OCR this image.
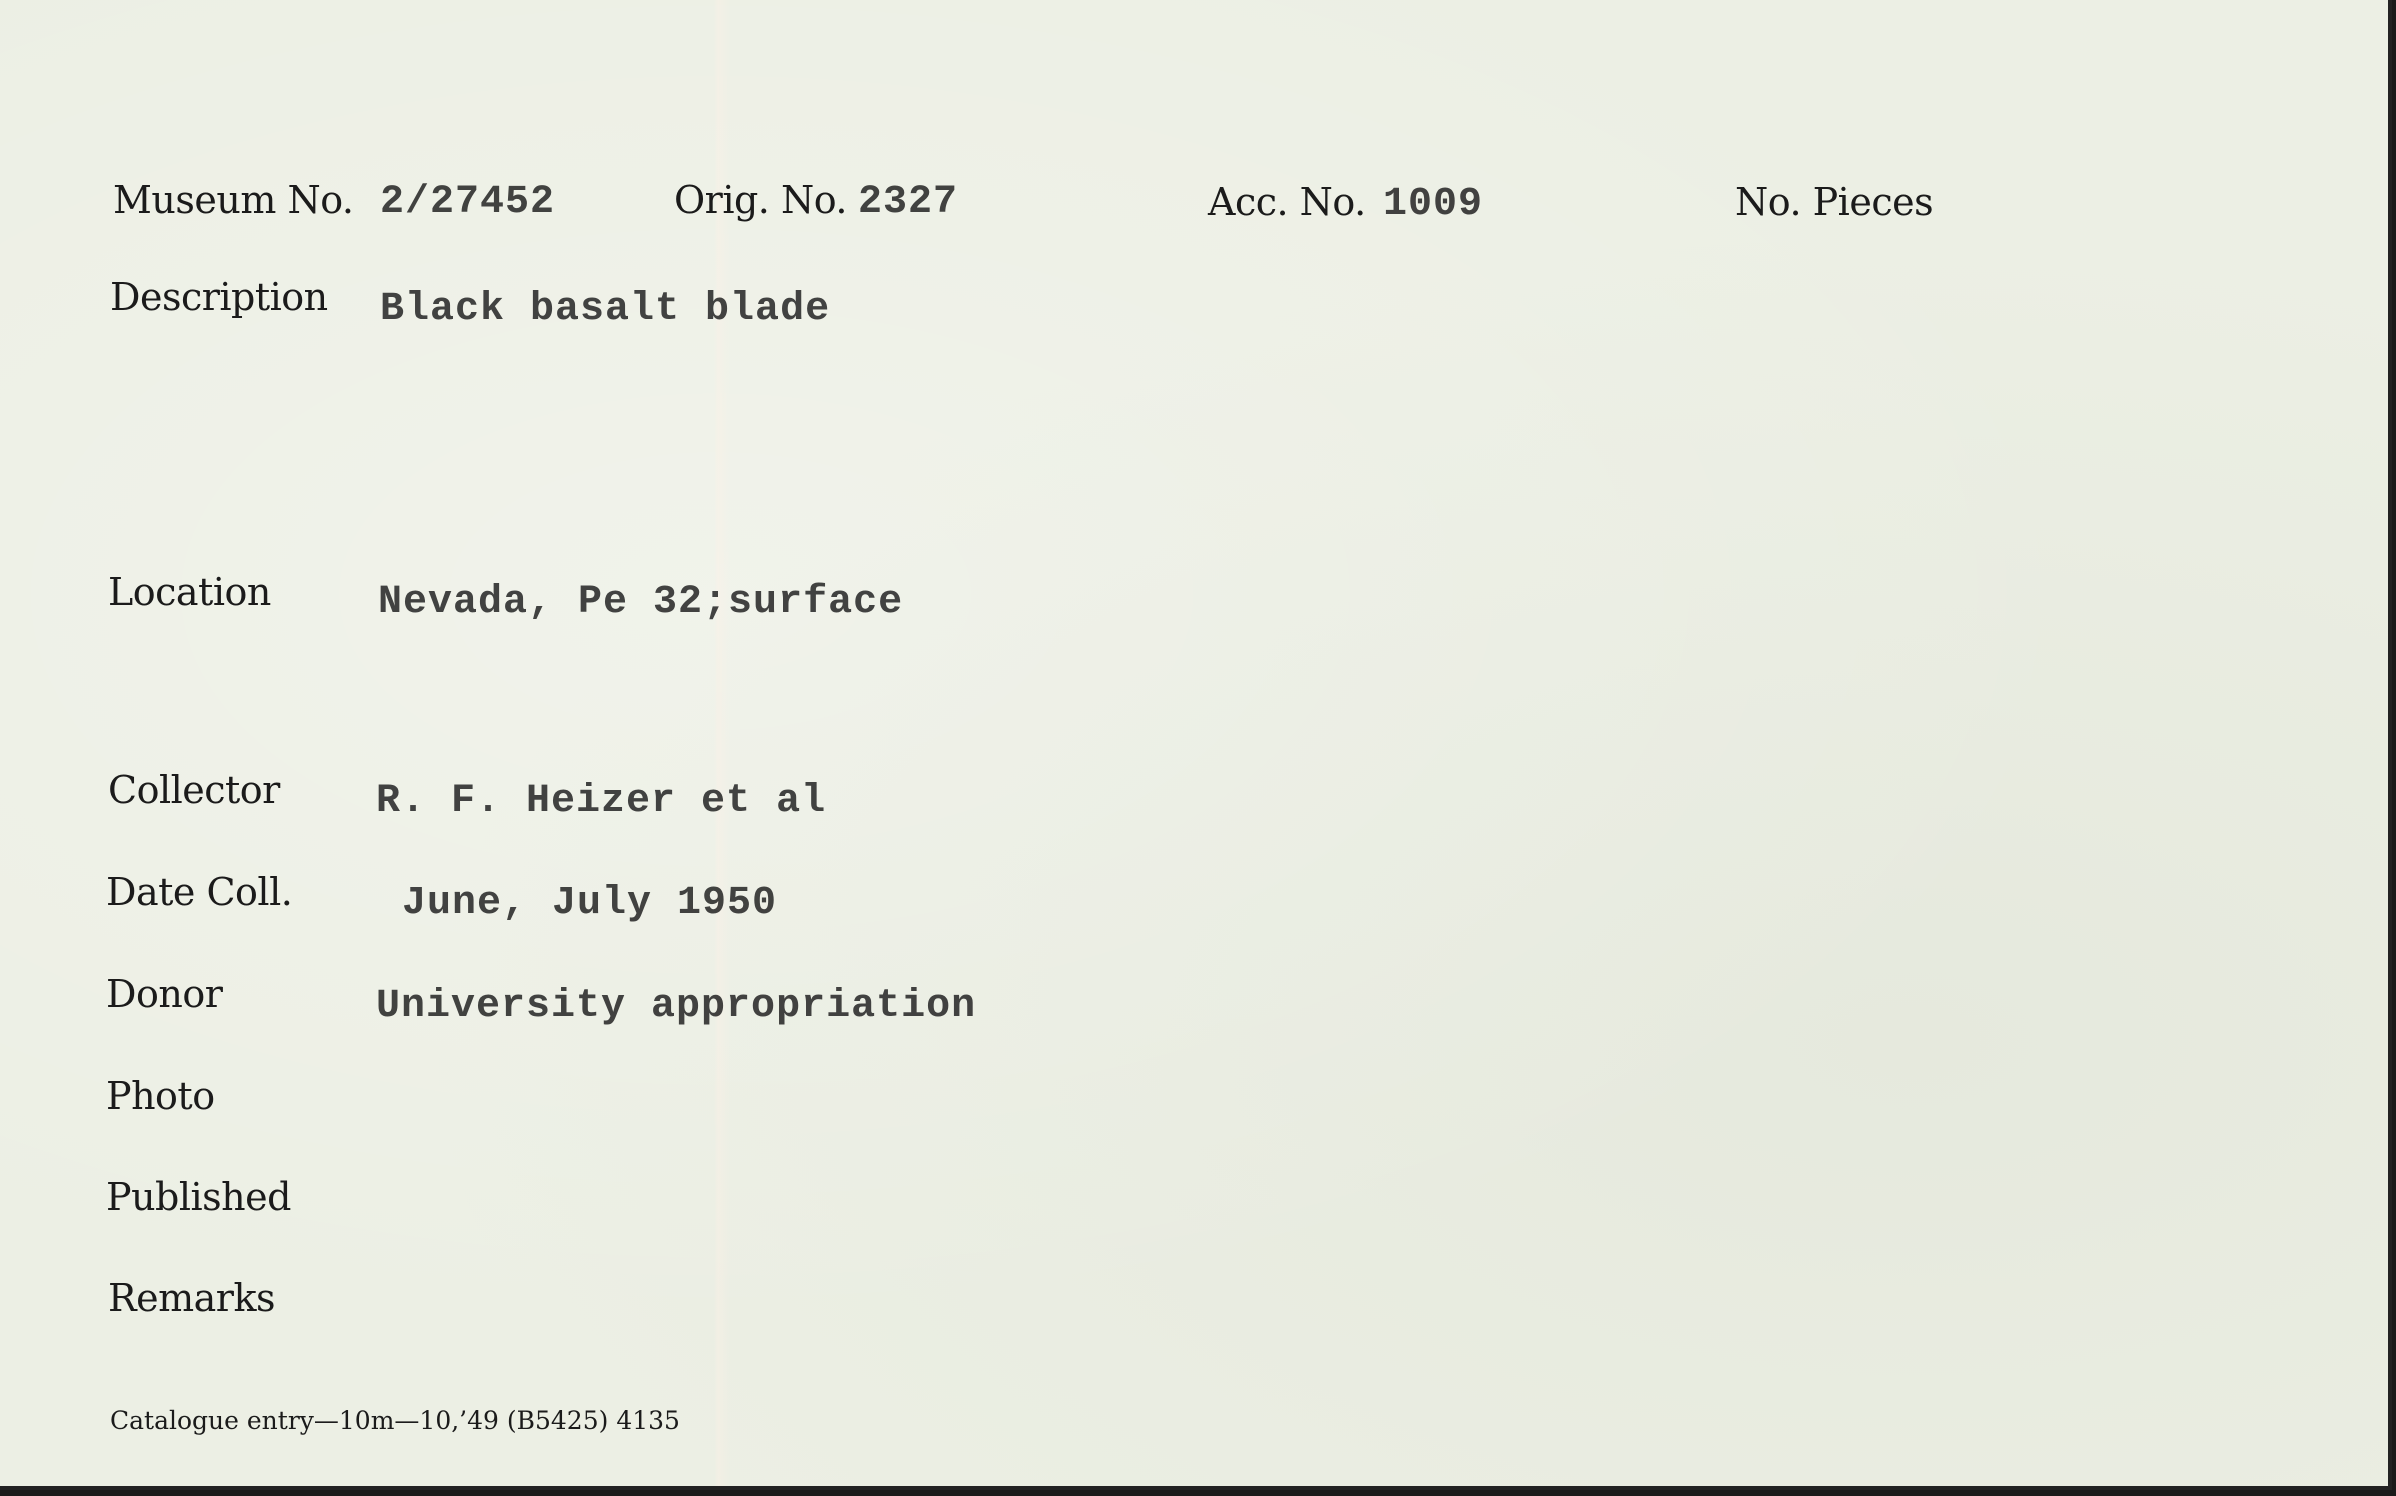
Museum No. 2/27452	Orig. No. 2327	Acc. No. 1009	No. Pieces
Description Black basalt blade
Location	Nevada, Pe 32;surface
Collector R. F. Heizer et al
Date Coll.	June, July 1950
Donor	University appropriation
Photo
Published
Remarks
Catalogue entry—10m—10,’49 (B5425) 4135
